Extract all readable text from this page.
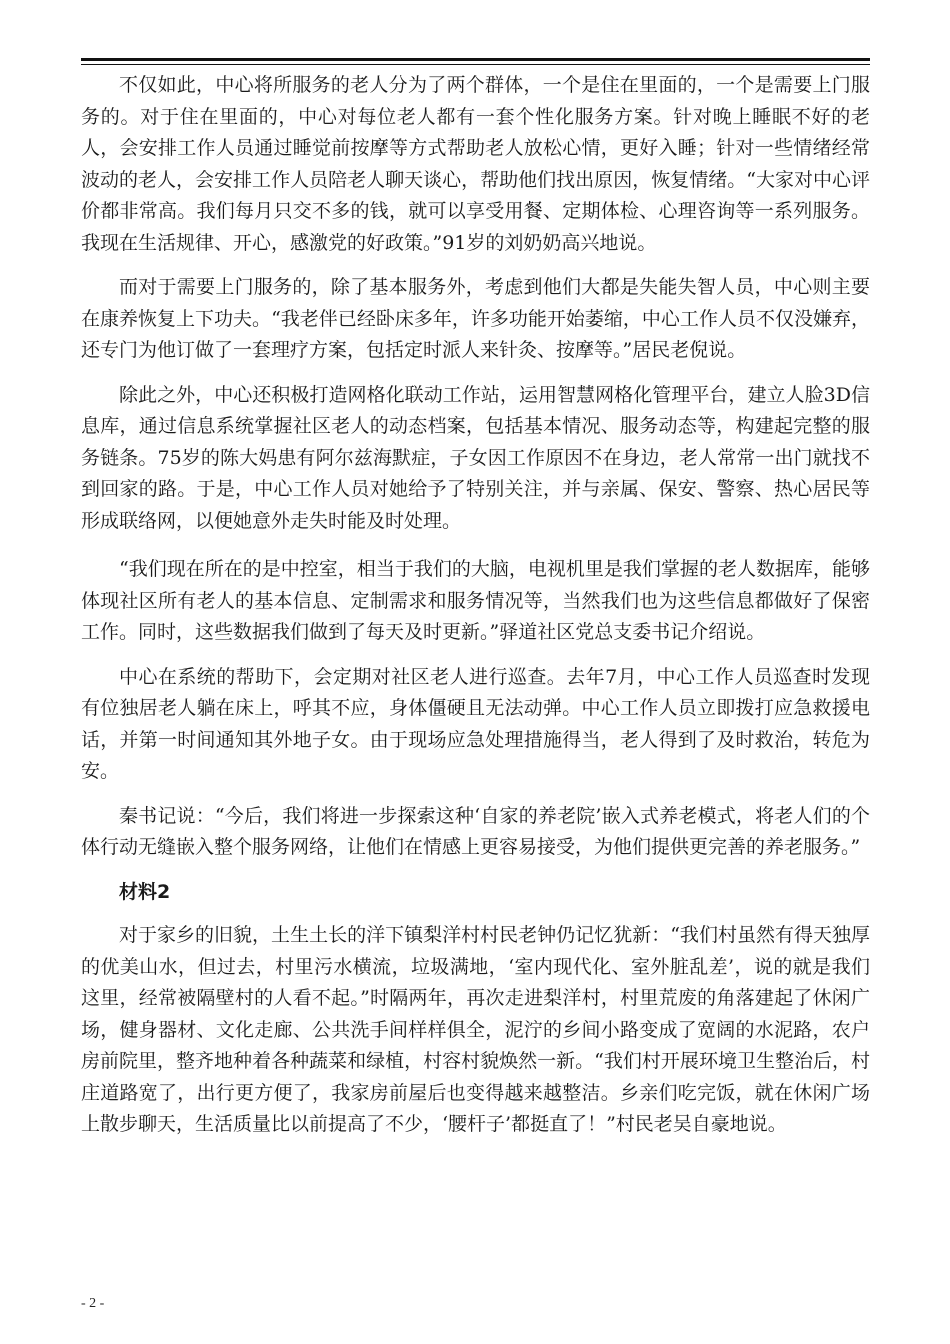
不仅如此，中心将所服务的老人分为了两个群体，一个是住在里面的，一个是需要上门服务的。对于住在里面的，中心对每位老人都有一套个性化服务方案。针对晚上睡眠不好的老人，会安排工作人员通过睡觉前按摩等方式帮助老人放松心情，更好入睡；针对一些情绪经常波动的老人，会安排工作人员陪老人聊天谈心，帮助他们找出原因，恢复情绪。“大家对中心评价都非常高。我们每月只交不多的钱，就可以享受用餐、定期体检、心理咨询等一系列服务。我现在生活规律、开心，感激党的好政策。”91岁的刘奶奶高兴地说。

而对于需要上门服务的，除了基本服务外，考虑到他们大都是失能失智人员，中心则主要在康养恢复上下功夫。“我老伴已经卧床多年，许多功能开始萎缩，中心工作人员不仅没嫌弃，还专门为他订做了一套理疗方案，包括定时派人来针灸、按摩等。”居民老倪说。

除此之外，中心还积极打造网格化联动工作站，运用智慧网格化管理平台，建立人脸3D信息库，通过信息系统掌握社区老人的动态档案，包括基本情况、服务动态等，构建起完整的服务链条。75岁的陈大妈患有阿尔兹海默症，子女因工作原因不在身边，老人常常一出门就找不到回家的路。于是，中心工作人员对她给予了特别关注，并与亲属、保安、警察、热心居民等形成联络网，以便她意外走失时能及时处理。

“我们现在所在的是中控室，相当于我们的大脑，电视机里是我们掌握的老人数据库，能够体现社区所有老人的基本信息、定制需求和服务情况等，当然我们也为这些信息都做好了保密工作。同时，这些数据我们做到了每天及时更新。”驿道社区党总支委书记介绍说。

中心在系统的帮助下，会定期对社区老人进行巡查。去年7月，中心工作人员巡查时发现有位独居老人躺在床上，呼其不应，身体僵硬且无法动弹。中心工作人员立即拨打应急救援电话，并第一时间通知其外地子女。由于现场应急处理措施得当，老人得到了及时救治，转危为安。

秦书记说：“今后，我们将进一步探索这种‘自家的养老院’嵌入式养老模式，将老人们的个体行动无缝嵌入整个服务网络，让他们在情感上更容易接受，为他们提供更完善的养老服务。”

材料2

对于家乡的旧貌，土生土长的洋下镇梨洋村村民老钟仍记忆犹新：“我们村虽然有得天独厚的优美山水，但过去，村里污水横流，垃圾满地，‘室内现代化、室外脏乱差’，说的就是我们这里，经常被隔壁村的人看不起。”时隔两年，再次走进梨洋村，村里荒废的角落建起了休闲广场，健身器材、文化走廊、公共洗手间样样俱全，泥泞的乡间小路变成了宽阔的水泥路，农户房前院里，整齐地种着各种蔬菜和绿植，村容村貌焕然一新。“我们村开展环境卫生整治后，村庄道路宽了，出行更方便了，我家房前屋后也变得越来越整洁。乡亲们吃完饭，就在休闲广场上散步聊天，生活质量比以前提高了不少，‘腰杆子’都挺直了！”村民老吴自豪地说。

- 2 -
